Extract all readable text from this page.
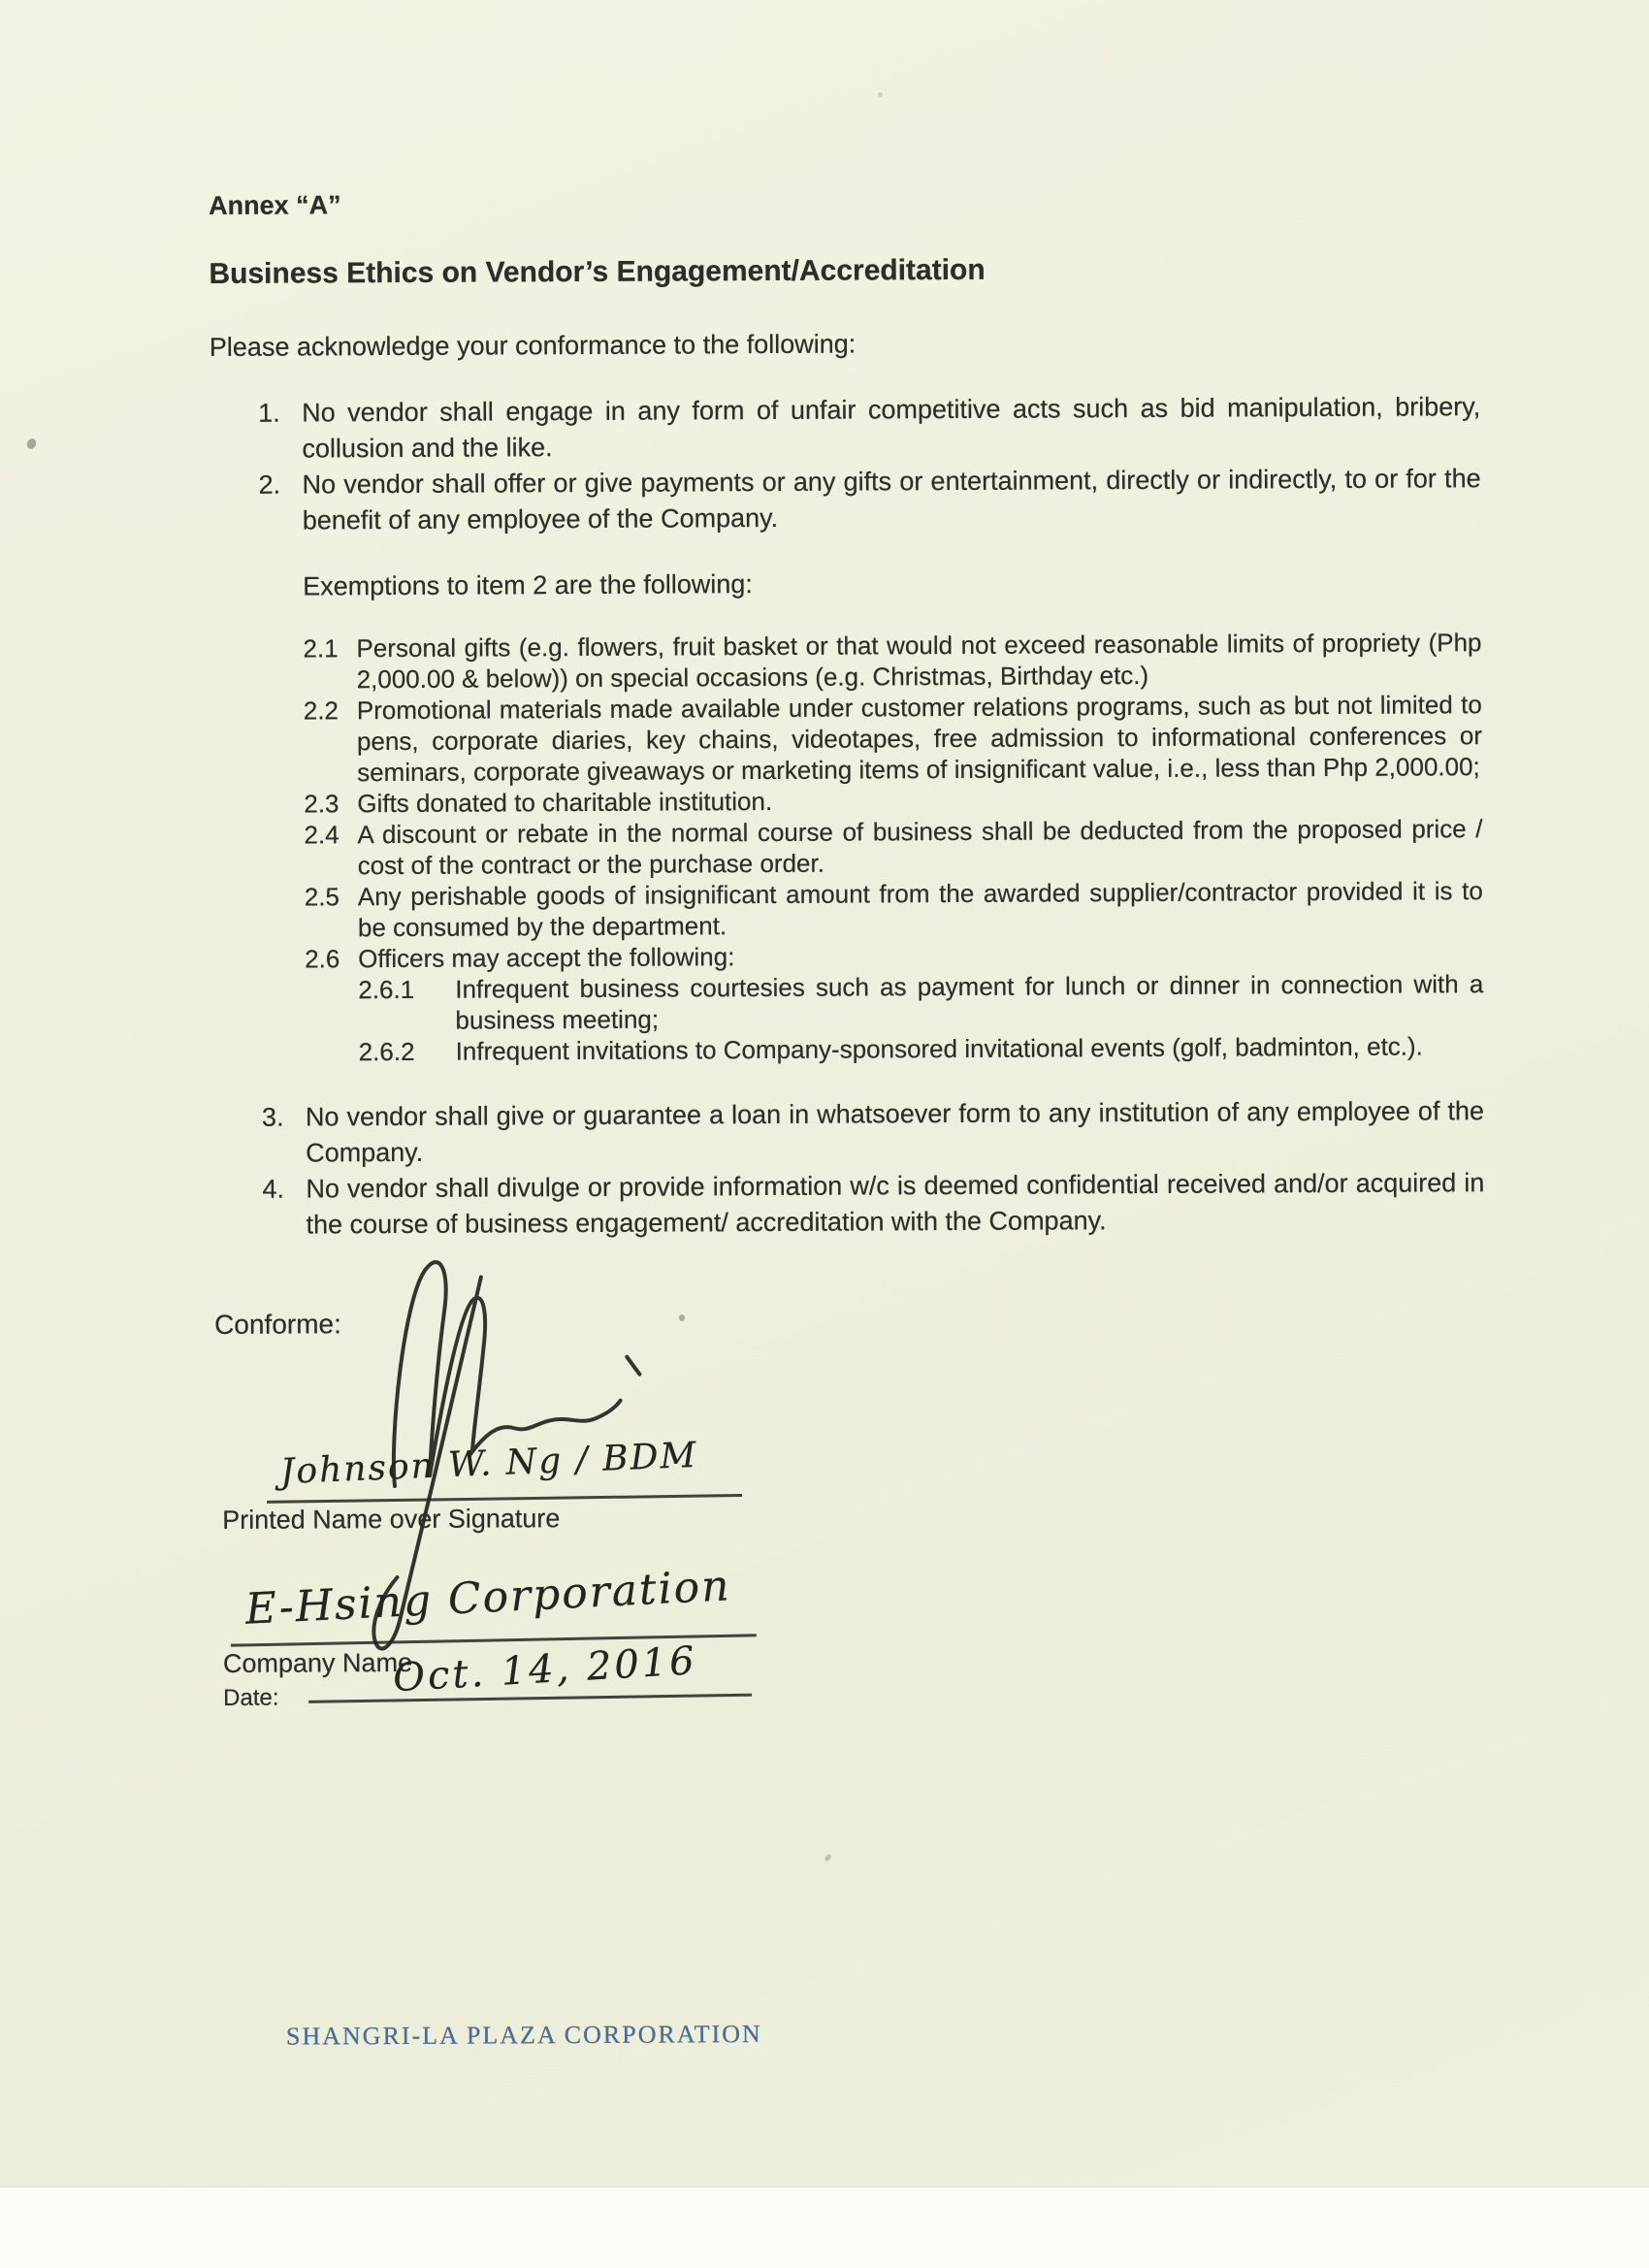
Annex “A”
Business Ethics on Vendor’s Engagement/Accreditation
Please acknowledge your conformance to the following:
1. No vendor shall engage in any form of unfair competitive acts such as bid manipulation, bribery, collusion and the like.
2. No vendor shall offer or give payments or any gifts or entertainment, directly or indirectly, to or for the benefit of any employee of the Company.
Exemptions to item 2 are the following:
2.1 Personal gifts (e.g. flowers, fruit basket or that would not exceed reasonable limits of propriety (Php 2,000.00 & below)) on special occasions (e.g. Christmas, Birthday etc.)
2.2 Promotional materials made available under customer relations programs, such as but not limited to pens, corporate diaries, key chains, videotapes, free admission to informational conferences or seminars, corporate giveaways or marketing items of insignificant value, i.e., less than Php 2,000.00;
2.3 Gifts donated to charitable institution.
2.4 A discount or rebate in the normal course of business shall be deducted from the proposed price / cost of the contract or the purchase order.
2.5 Any perishable goods of insignificant amount from the awarded supplier/contractor provided it is to be consumed by the department.
2.6 Officers may accept the following:
2.6.1	Infrequent business courtesies such as payment for lunch or dinner in connection with a business meeting;
2.6.2	Infrequent invitations to Company-sponsored invitational events (golf, badminton, etc.).
3. No vendor shall give or guarantee a loan in whatsoever form to any institution of any employee of the Company.
4. No vendor shall divulge or provide information w/c is deemed confidential received and/or acquired in the course of business engagement/ accreditation with the Company.
Conforme:
Johnson W. Ng / BDM
Printed Name over Signature
E-Hsing Corporation
Company Name
Date:	Oct. 14, 2016
SHANGRI-LA PLAZA CORPORATION
